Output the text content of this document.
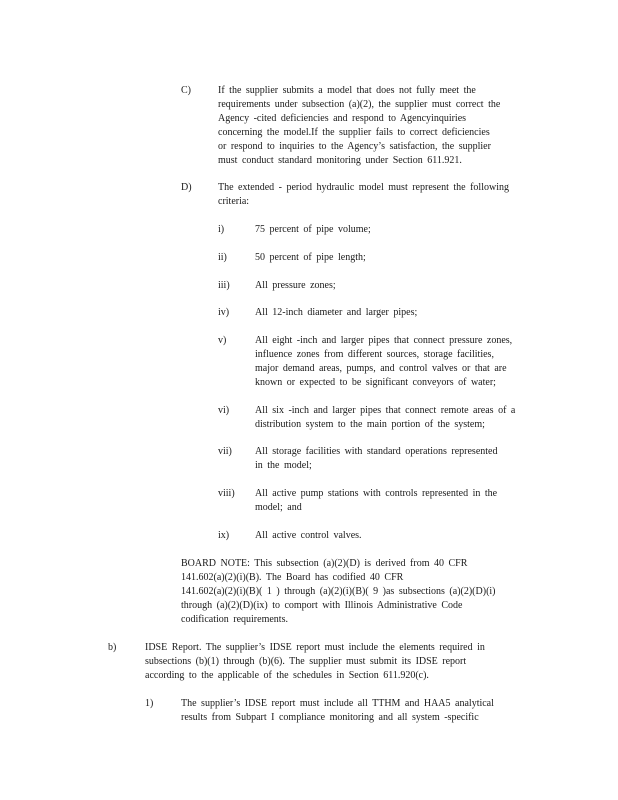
C)	If the supplier submits a model that does not fully meet the
requirements under subsection (a)(2), the supplier must correct the
Agency -cited deficiencies and respond to Agencyinquiries
concerning the model.If the supplier fails to correct deficiencies
or respond to inquiries to the Agency’s satisfaction, the supplier
must conduct standard monitoring under Section 611.921.
D)	The extended - period hydraulic model must represent the following
criteria:
i)	75 percent of pipe volume;
ii)	50 percent of pipe length;
iii)	All pressure zones;
iv)	All 12-inch diameter and larger pipes;
v)	All eight -inch and larger pipes that connect pressure zones,
influence zones from different sources, storage facilities,
major demand areas, pumps, and control valves or that are
known or expected to be significant conveyors of water;
vi)	All six -inch and larger pipes that connect remote areas of a
distribution system to the main portion of the system;
vii) All storage facilities with standard operations represented
in the model;
viii) All active pump stations with controls represented in the
model; and
ix)	All active control valves.
BOARD NOTE: This subsection (a)(2)(D) is derived from 40 CFR
141.602(a)(2)(i)(B). The Board has codified 40 CFR
141.602(a)(2)(i)(B)( 1 ) through (a)(2)(i)(B)( 9 )as subsections (a)(2)(D)(i)
through (a)(2)(D)(ix) to comport with Illinois Administrative Code
codification requirements.
b)	IDSE Report. The supplier’s IDSE report must include the elements required in
subsections (b)(1) through (b)(6). The supplier must submit its IDSE report
according to the applicable of the schedules in Section 611.920(c).
1)	The supplier’s IDSE report must include all TTHM and HAA5 analytical
results from Subpart I compliance monitoring and all system -specific
